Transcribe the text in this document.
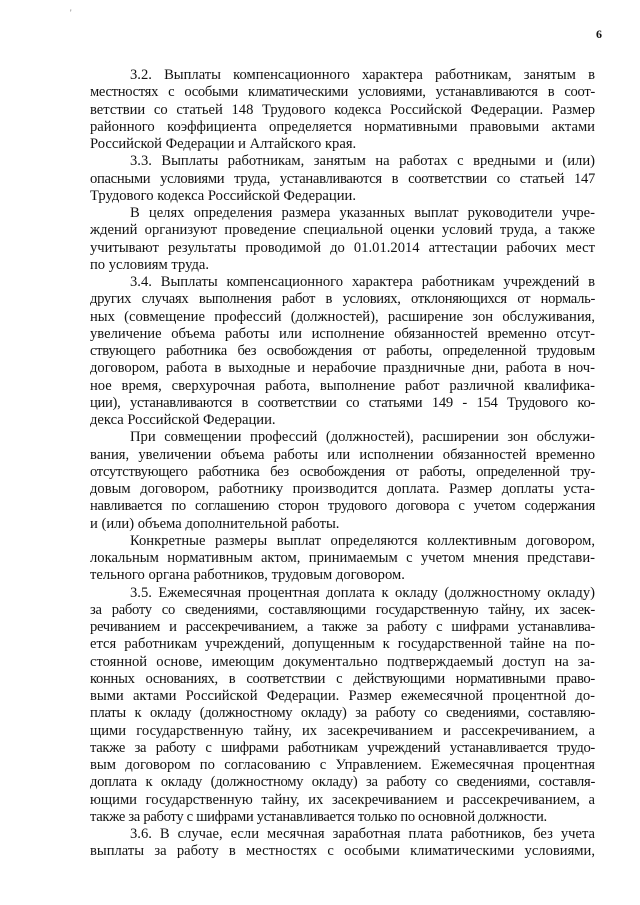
'
6

3.2. Выплаты компенсационного характера работникам, занятым в
местностях с особыми климатическими условиями, устанавливаются в соот-
ветствии со статьей 148 Трудового кодекса Российской Федерации. Размер
районного коэффициента определяется нормативными правовыми актами
Российской Федерации и Алтайского края.

3.3. Выплаты работникам, занятым на работах с вредными и (или)
опасными условиями труда, устанавливаются в соответствии со статьей 147
Трудового кодекса Российской Федерации.

В целях определения размера указанных выплат руководители учре-
ждений организуют проведение специальной оценки условий труда, а также
учитывают результаты проводимой до 01.01.2014 аттестации рабочих мест
по условиям труда.

3.4. Выплаты компенсационного характера работникам учреждений в
других случаях выполнения работ в условиях, отклоняющихся от нормаль-
ных (совмещение профессий (должностей), расширение зон обслуживания,
увеличение объема работы или исполнение обязанностей временно отсут-
ствующего работника без освобождения от работы, определенной трудовым
договором, работа в выходные и нерабочие праздничные дни, работа в ноч-
ное время, сверхурочная работа, выполнение работ различной квалифика-
ции), устанавливаются в соответствии со статьями 149 - 154 Трудового ко-
декса Российской Федерации.

При совмещении профессий (должностей), расширении зон обслужи-
вания, увеличении объема работы или исполнении обязанностей временно
отсутствующего работника без освобождения от работы, определенной тру-
довым договором, работнику производится доплата. Размер доплаты уста-
навливается по соглашению сторон трудового договора с учетом содержания
и (или) объема дополнительной работы.

Конкретные размеры выплат определяются коллективным договором,
локальным нормативным актом, принимаемым с учетом мнения представи-
тельного органа работников, трудовым договором.

3.5. Ежемесячная процентная доплата к окладу (должностному окладу)
за работу со сведениями, составляющими государственную тайну, их засек-
речиванием и рассекречиванием, а также за работу с шифрами устанавлива-
ется работникам учреждений, допущенным к государственной тайне на по-
стоянной основе, имеющим документально подтверждаемый доступ на за-
конных основаниях, в соответствии с действующими нормативными право-
выми актами Российской Федерации. Размер ежемесячной процентной до-
платы к окладу (должностному окладу) за работу со сведениями, составляю-
щими государственную тайну, их засекречиванием и рассекречиванием, а
также за работу с шифрами работникам учреждений устанавливается трудо-
вым договором по согласованию с Управлением. Ежемесячная процентная
доплата к окладу (должностному окладу) за работу со сведениями, составля-
ющими государственную тайну, их засекречиванием и рассекречиванием, а
также за работу с шифрами устанавливается только по основной должности.

3.6. В случае, если месячная заработная плата работников, без учета
выплаты за работу в местностях с особыми климатическими условиями,
